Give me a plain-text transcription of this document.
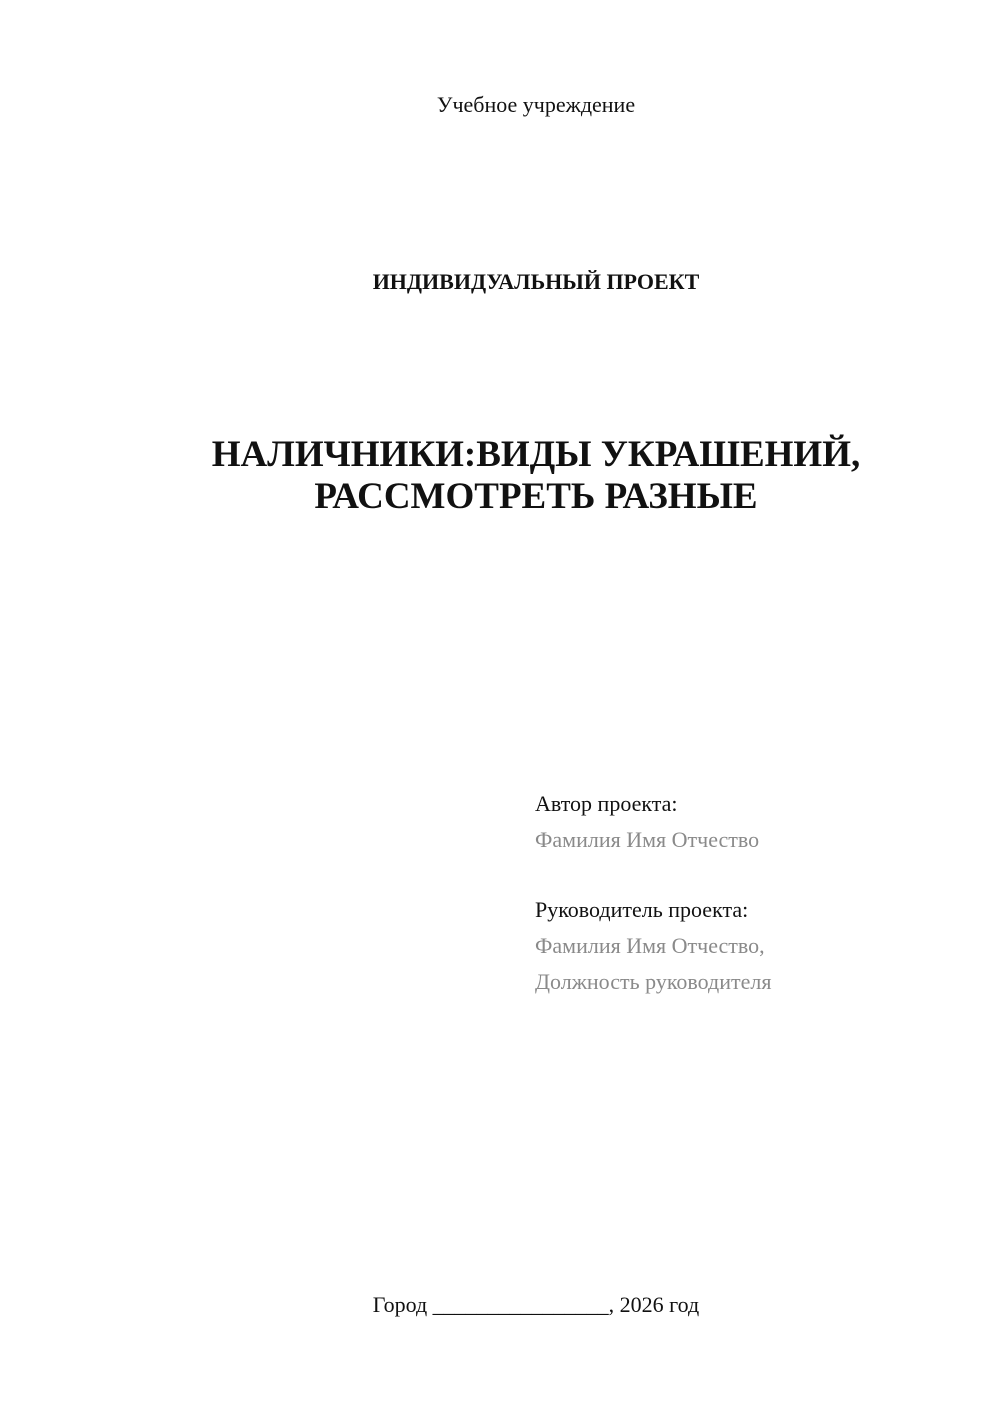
Учебное учреждение
ИНДИВИДУАЛЬНЫЙ ПРОЕКТ
НАЛИЧНИКИ:ВИДЫ УКРАШЕНИЙ,
РАССМОТРЕТЬ РАЗНЫЕ
Автор проекта:
Фамилия Имя Отчество
Руководитель проекта:
Фамилия Имя Отчество,
Должность руководителя
Город ________________, 2026 год
